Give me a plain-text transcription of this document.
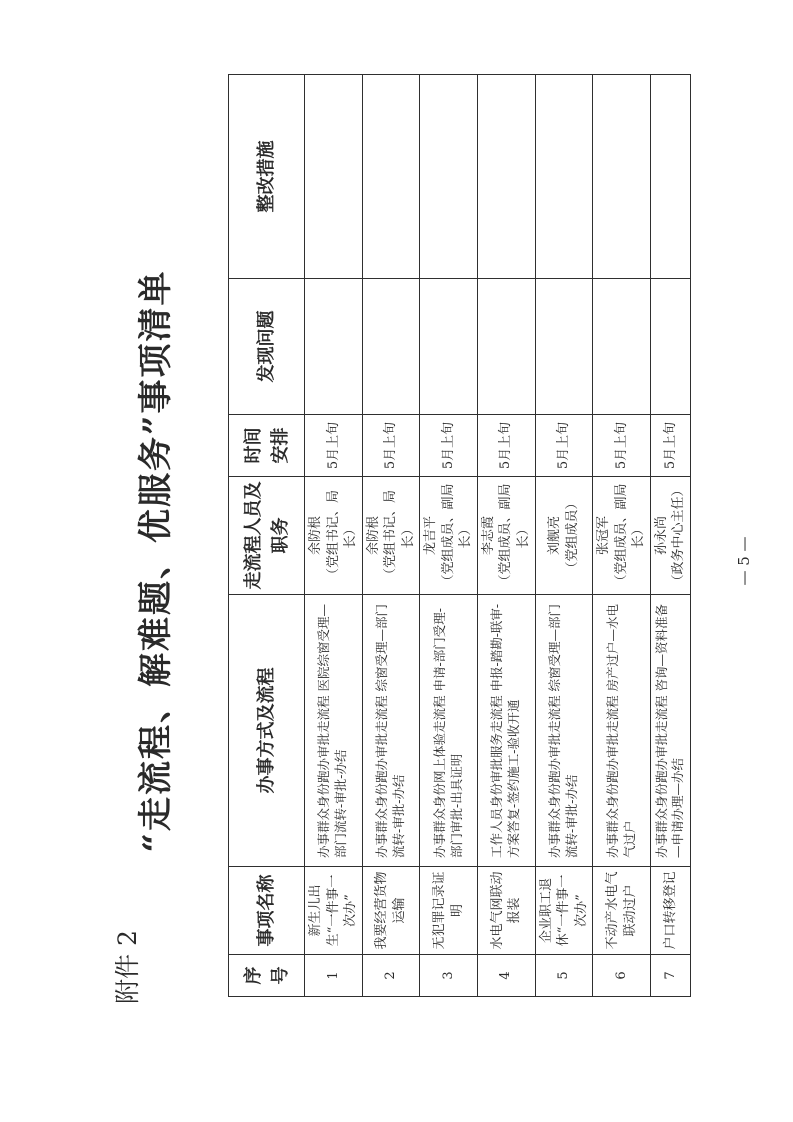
附件 2
“走流程、解难题、优服务”事项清单
序号	事项名称	办事方式及流程	走流程人员及职务	时间安排	发现问题	整改措施
1	新生儿出生“一件事一次办”	办事群众身份跑办审批走流程 医院综窗受理—部门流转-审批-办结	余防根 （党组书记、局长）	5月上旬		
2	我要经营货物运输	办事群众身份跑办审批走流程 综窗受理—部门流转-审批-办结	余防根 （党组书记、局长）	5月上旬		
3	无犯罪记录证明	办事群众身份网上体验走流程 申请-部门受理-部门审批-出具证明	龙吉平 （党组成员、副局长）	5月上旬		
4	水电气网联动报装	工作人员身份审批服务走流程 申报-踏勘-联审-方案答复-签约施工-验收开通	李志霞 （党组成员、副局长）	5月上旬		
5	企业职工退休“一件事一次办”	办事群众身份跑办审批走流程 综窗受理—部门流转-审批-办结	刘舰亮 （党组成员）	5月上旬		
6	不动产水电气联动过户	办事群众身份跑办审批走流程 房产过户—水电气过户	张冠军 （党组成员、副局长）	5月上旬		
7	户口转移登记	办事群众身份跑办审批走流程 咨询—资料准备—申请办理—办结	孙永尚 （政务中心主任）	5月上旬		
— 5 —
